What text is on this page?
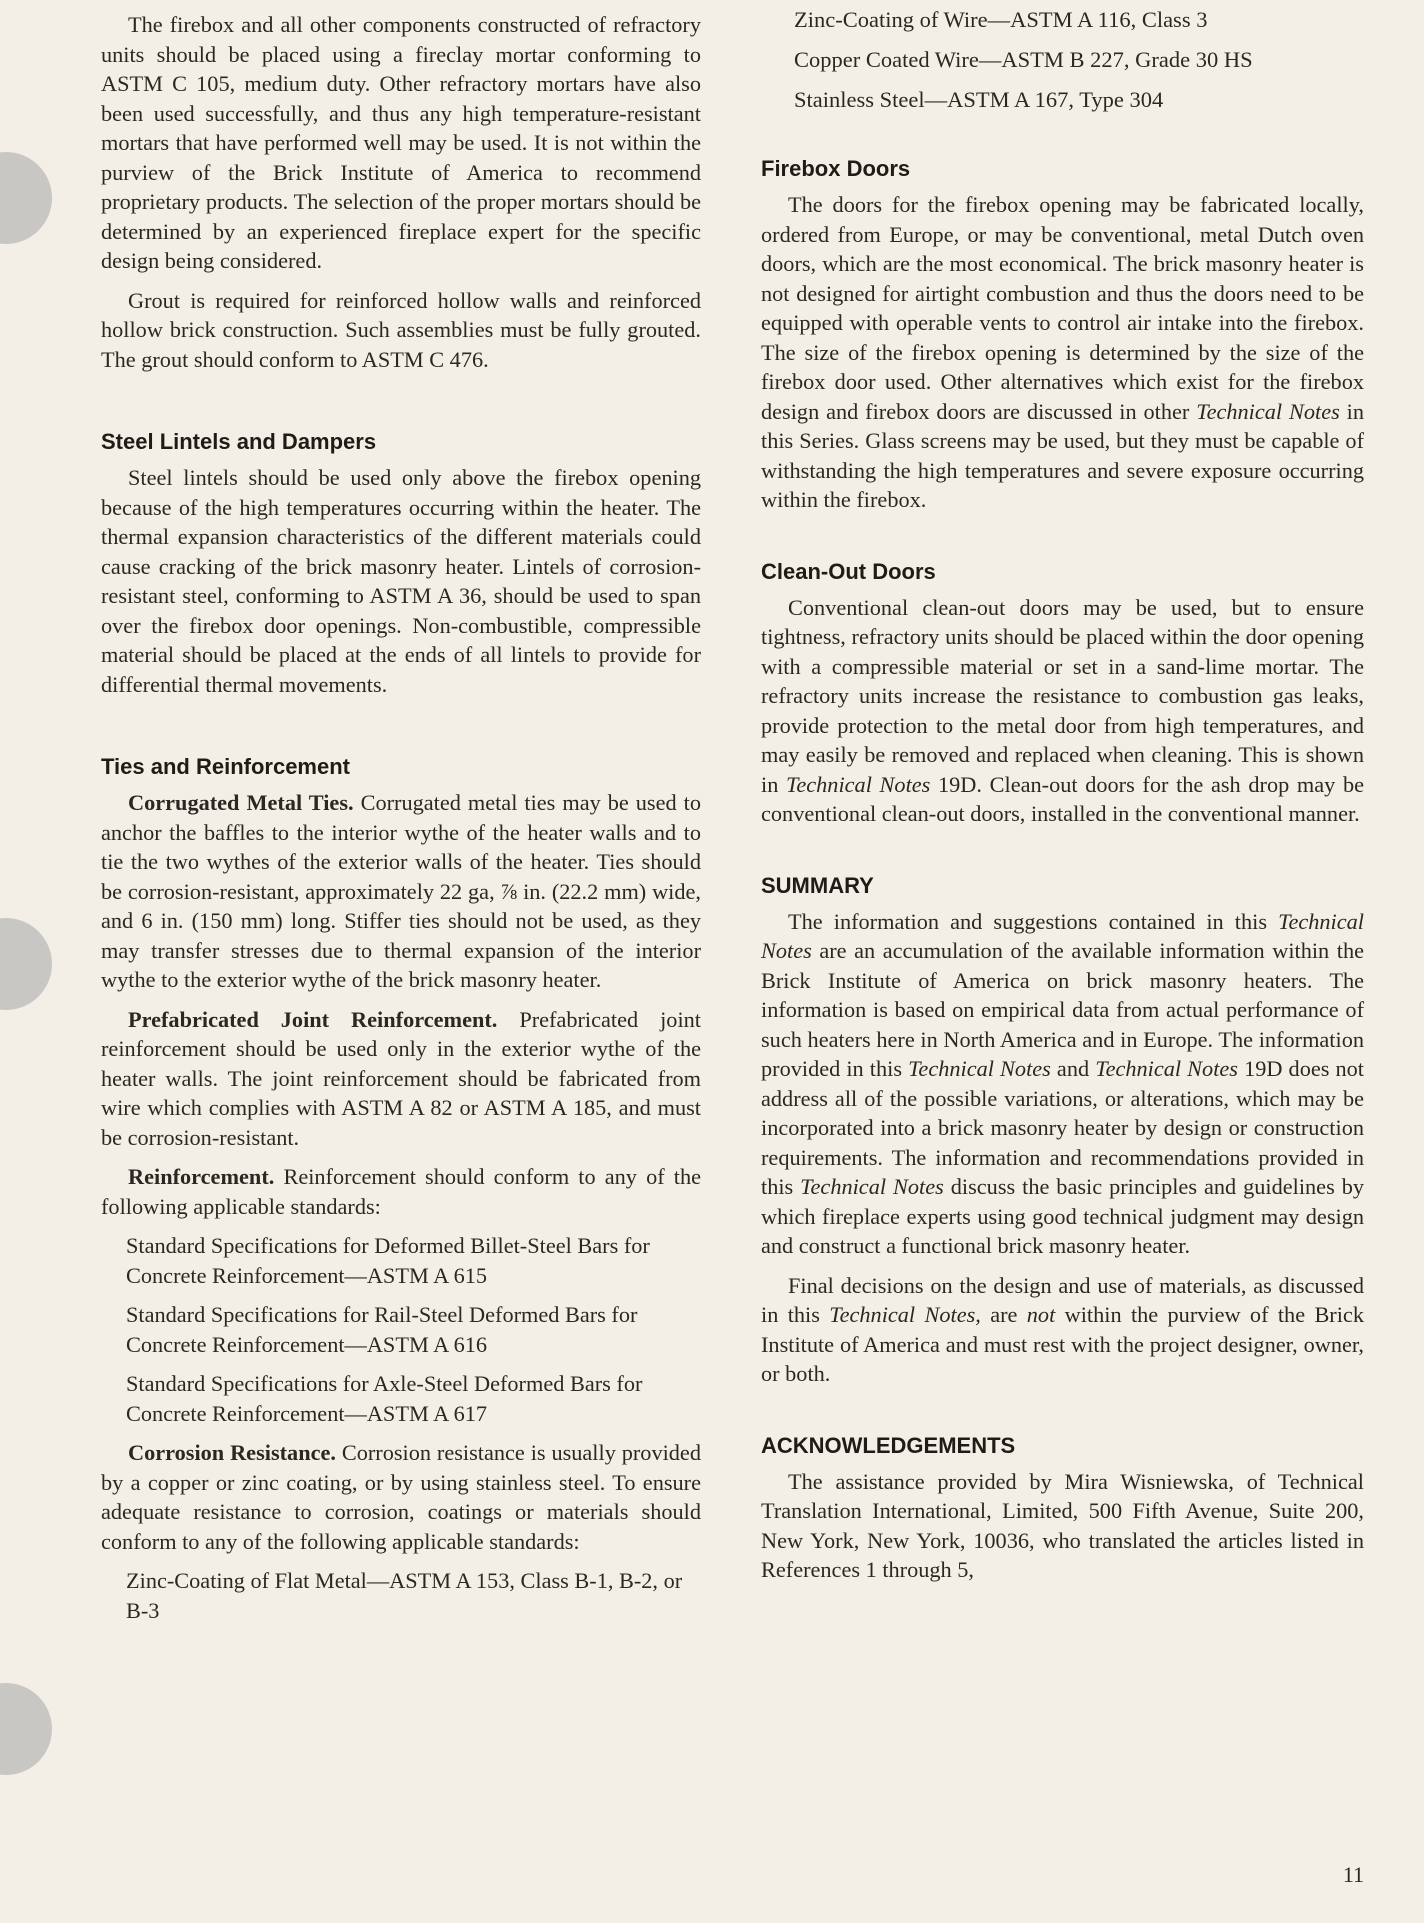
The firebox and all other components constructed of refractory units should be placed using a fireclay mortar conforming to ASTM C 105, medium duty. Other refractory mortars have also been used successfully, and thus any high temperature-resistant mortars that have performed well may be used. It is not within the purview of the Brick Institute of America to recommend proprietary products. The selection of the proper mortars should be determined by an experienced fireplace expert for the specific design being considered.

Grout is required for reinforced hollow walls and reinforced hollow brick construction. Such assemblies must be fully grouted. The grout should conform to ASTM C 476.

Steel Lintels and Dampers

Steel lintels should be used only above the firebox opening because of the high temperatures occurring within the heater. The thermal expansion characteristics of the different materials could cause cracking of the brick masonry heater. Lintels of corrosion-resistant steel, conforming to ASTM A 36, should be used to span over the firebox door openings. Non-combustible, compressible material should be placed at the ends of all lintels to provide for differential thermal movements.

Ties and Reinforcement

Corrugated Metal Ties. Corrugated metal ties may be used to anchor the baffles to the interior wythe of the heater walls and to tie the two wythes of the exterior walls of the heater. Ties should be corrosion-resistant, approximately 22 ga, ⅞ in. (22.2 mm) wide, and 6 in. (150 mm) long. Stiffer ties should not be used, as they may transfer stresses due to thermal expansion of the interior wythe to the exterior wythe of the brick masonry heater.

Prefabricated Joint Reinforcement. Prefabricated joint reinforcement should be used only in the exterior wythe of the heater walls. The joint reinforcement should be fabricated from wire which complies with ASTM A 82 or ASTM A 185, and must be corrosion-resistant.

Reinforcement. Reinforcement should conform to any of the following applicable standards:

Standard Specifications for Deformed Billet-Steel Bars for Concrete Reinforcement—ASTM A 615

Standard Specifications for Rail-Steel Deformed Bars for Concrete Reinforcement—ASTM A 616

Standard Specifications for Axle-Steel Deformed Bars for Concrete Reinforcement—ASTM A 617

Corrosion Resistance. Corrosion resistance is usually provided by a copper or zinc coating, or by using stainless steel. To ensure adequate resistance to corrosion, coatings or materials should conform to any of the following applicable standards:

Zinc-Coating of Flat Metal—ASTM A 153, Class B-1, B-2, or B-3

Zinc-Coating of Wire—ASTM A 116, Class 3

Copper Coated Wire—ASTM B 227, Grade 30 HS

Stainless Steel—ASTM A 167, Type 304

Firebox Doors

The doors for the firebox opening may be fabricated locally, ordered from Europe, or may be conventional, metal Dutch oven doors, which are the most economical. The brick masonry heater is not designed for airtight combustion and thus the doors need to be equipped with operable vents to control air intake into the firebox. The size of the firebox opening is determined by the size of the firebox door used. Other alternatives which exist for the firebox design and firebox doors are discussed in other Technical Notes in this Series. Glass screens may be used, but they must be capable of withstanding the high temperatures and severe exposure occurring within the firebox.

Clean-Out Doors

Conventional clean-out doors may be used, but to ensure tightness, refractory units should be placed within the door opening with a compressible material or set in a sand-lime mortar. The refractory units increase the resistance to combustion gas leaks, provide protection to the metal door from high temperatures, and may easily be removed and replaced when cleaning. This is shown in Technical Notes 19D. Clean-out doors for the ash drop may be conventional clean-out doors, installed in the conventional manner.

SUMMARY

The information and suggestions contained in this Technical Notes are an accumulation of the available information within the Brick Institute of America on brick masonry heaters. The information is based on empirical data from actual performance of such heaters here in North America and in Europe. The information provided in this Technical Notes and Technical Notes 19D does not address all of the possible variations, or alterations, which may be incorporated into a brick masonry heater by design or construction requirements. The information and recommendations provided in this Technical Notes discuss the basic principles and guidelines by which fireplace experts using good technical judgment may design and construct a functional brick masonry heater.

Final decisions on the design and use of materials, as discussed in this Technical Notes, are not within the purview of the Brick Institute of America and must rest with the project designer, owner, or both.

ACKNOWLEDGEMENTS

The assistance provided by Mira Wisniewska, of Technical Translation International, Limited, 500 Fifth Avenue, Suite 200, New York, New York, 10036, who translated the articles listed in References 1 through 5,

11
